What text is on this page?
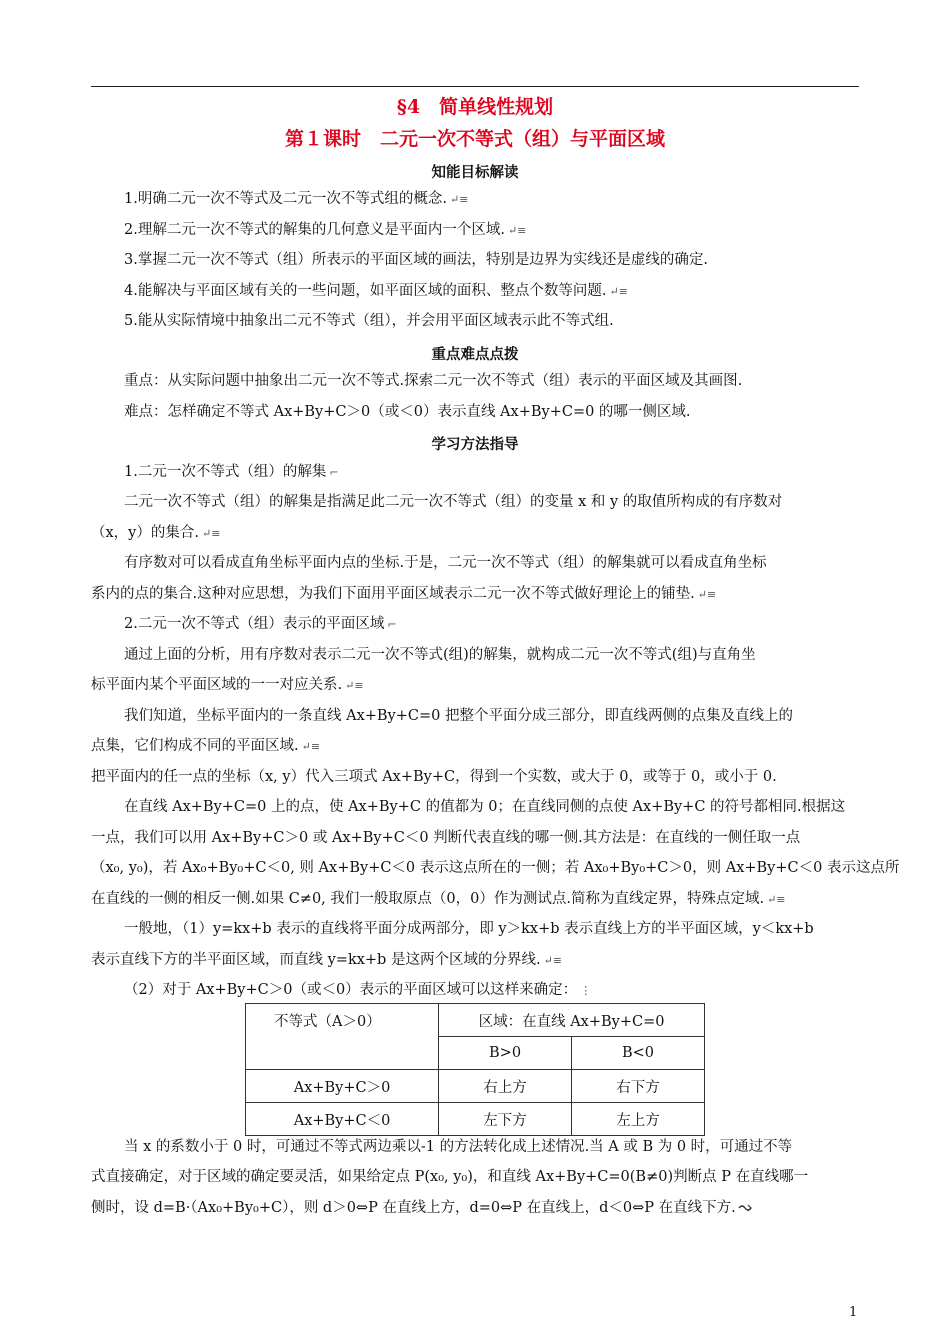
§4　简单线性规划
第１课时　二元一次不等式（组）与平面区域
知能目标解读
1.明确二元一次不等式及二元一次不等式组的概念. ↵≡
2.理解二元一次不等式的解集的几何意义是平面内一个区域. ↵≡
3.掌握二元一次不等式（组）所表示的平面区域的画法，特别是边界为实线还是虚线的确定.
4.能解决与平面区域有关的一些问题，如平面区域的面积、整点个数等问题. ↵≡
5.能从实际情境中抽象出二元不等式（组），并会用平面区域表示此不等式组.
重点难点点拨
重点：从实际问题中抽象出二元一次不等式.探索二元一次不等式（组）表示的平面区域及其画图.
难点：怎样确定不等式 Ax+By+C＞0（或＜0）表示直线 Ax+By+C=0 的哪一侧区域.
学习方法指导
1.二元一次不等式（组）的解集 ⌐
二元一次不等式（组）的解集是指满足此二元一次不等式（组）的变量 x 和 y 的取值所构成的有序数对
（x，y）的集合. ↵≡
有序数对可以看成直角坐标平面内点的坐标.于是，二元一次不等式（组）的解集就可以看成直角坐标
系内的点的集合.这种对应思想，为我们下面用平面区域表示二元一次不等式做好理论上的铺垫. ↵≡
2.二元一次不等式（组）表示的平面区域 ⌐
通过上面的分析，用有序数对表示二元一次不等式(组)的解集，就构成二元一次不等式(组)与直角坐
标平面内某个平面区域的一一对应关系. ↵≡
我们知道，坐标平面内的一条直线 Ax+By+C=0 把整个平面分成三部分，即直线两侧的点集及直线上的
点集，它们构成不同的平面区域. ↵≡
把平面内的任一点的坐标（x, y）代入三项式 Ax+By+C，得到一个实数，或大于 0，或等于 0，或小于 0.
在直线 Ax+By+C=0 上的点，使 Ax+By+C 的值都为 0；在直线同侧的点使 Ax+By+C 的符号都相同.根据这
一点，我们可以用 Ax+By+C＞0 或 Ax+By+C＜0 判断代表直线的哪一侧.其方法是：在直线的一侧任取一点
（x₀, y₀)，若 Ax₀+By₀+C＜0, 则 Ax+By+C＜0 表示这点所在的一侧；若 Ax₀+By₀+C＞0，则 Ax+By+C＜0 表示这点所
在直线的一侧的相反一侧.如果 C≠0, 我们一般取原点（0，0）作为测试点.简称为直线定界，特殊点定域. ↵≡
一般地，（1）y=kx+b 表示的直线将平面分成两部分，即 y＞kx+b 表示直线上方的半平面区域，y＜kx+b
表示直线下方的半平面区域，而直线 y=kx+b 是这两个区域的分界线. ↵≡
（2）对于 Ax+By+C＞0（或＜0）表示的平面区域可以这样来确定： ⋮
不等式（A＞0）	区域：在直线 Ax+By+C=0	
	B>0	B<0
Ax+By+C＞0	右上方	右下方
Ax+By+C＜0	左下方	左上方
当 x 的系数小于 0 时，可通过不等式两边乘以-1 的方法转化成上述情况.当 A 或 B 为 0 时，可通过不等
式直接确定，对于区域的确定要灵活，如果给定点 P(x₀, y₀)，和直线 Ax+By+C=0(B≠0)判断点 P 在直线哪一
侧时，设 d=B·（Ax₀+By₀+C），则 d＞0⇔P 在直线上方，d=0⇔P 在直线上，d＜0⇔P 在直线下方.
1
